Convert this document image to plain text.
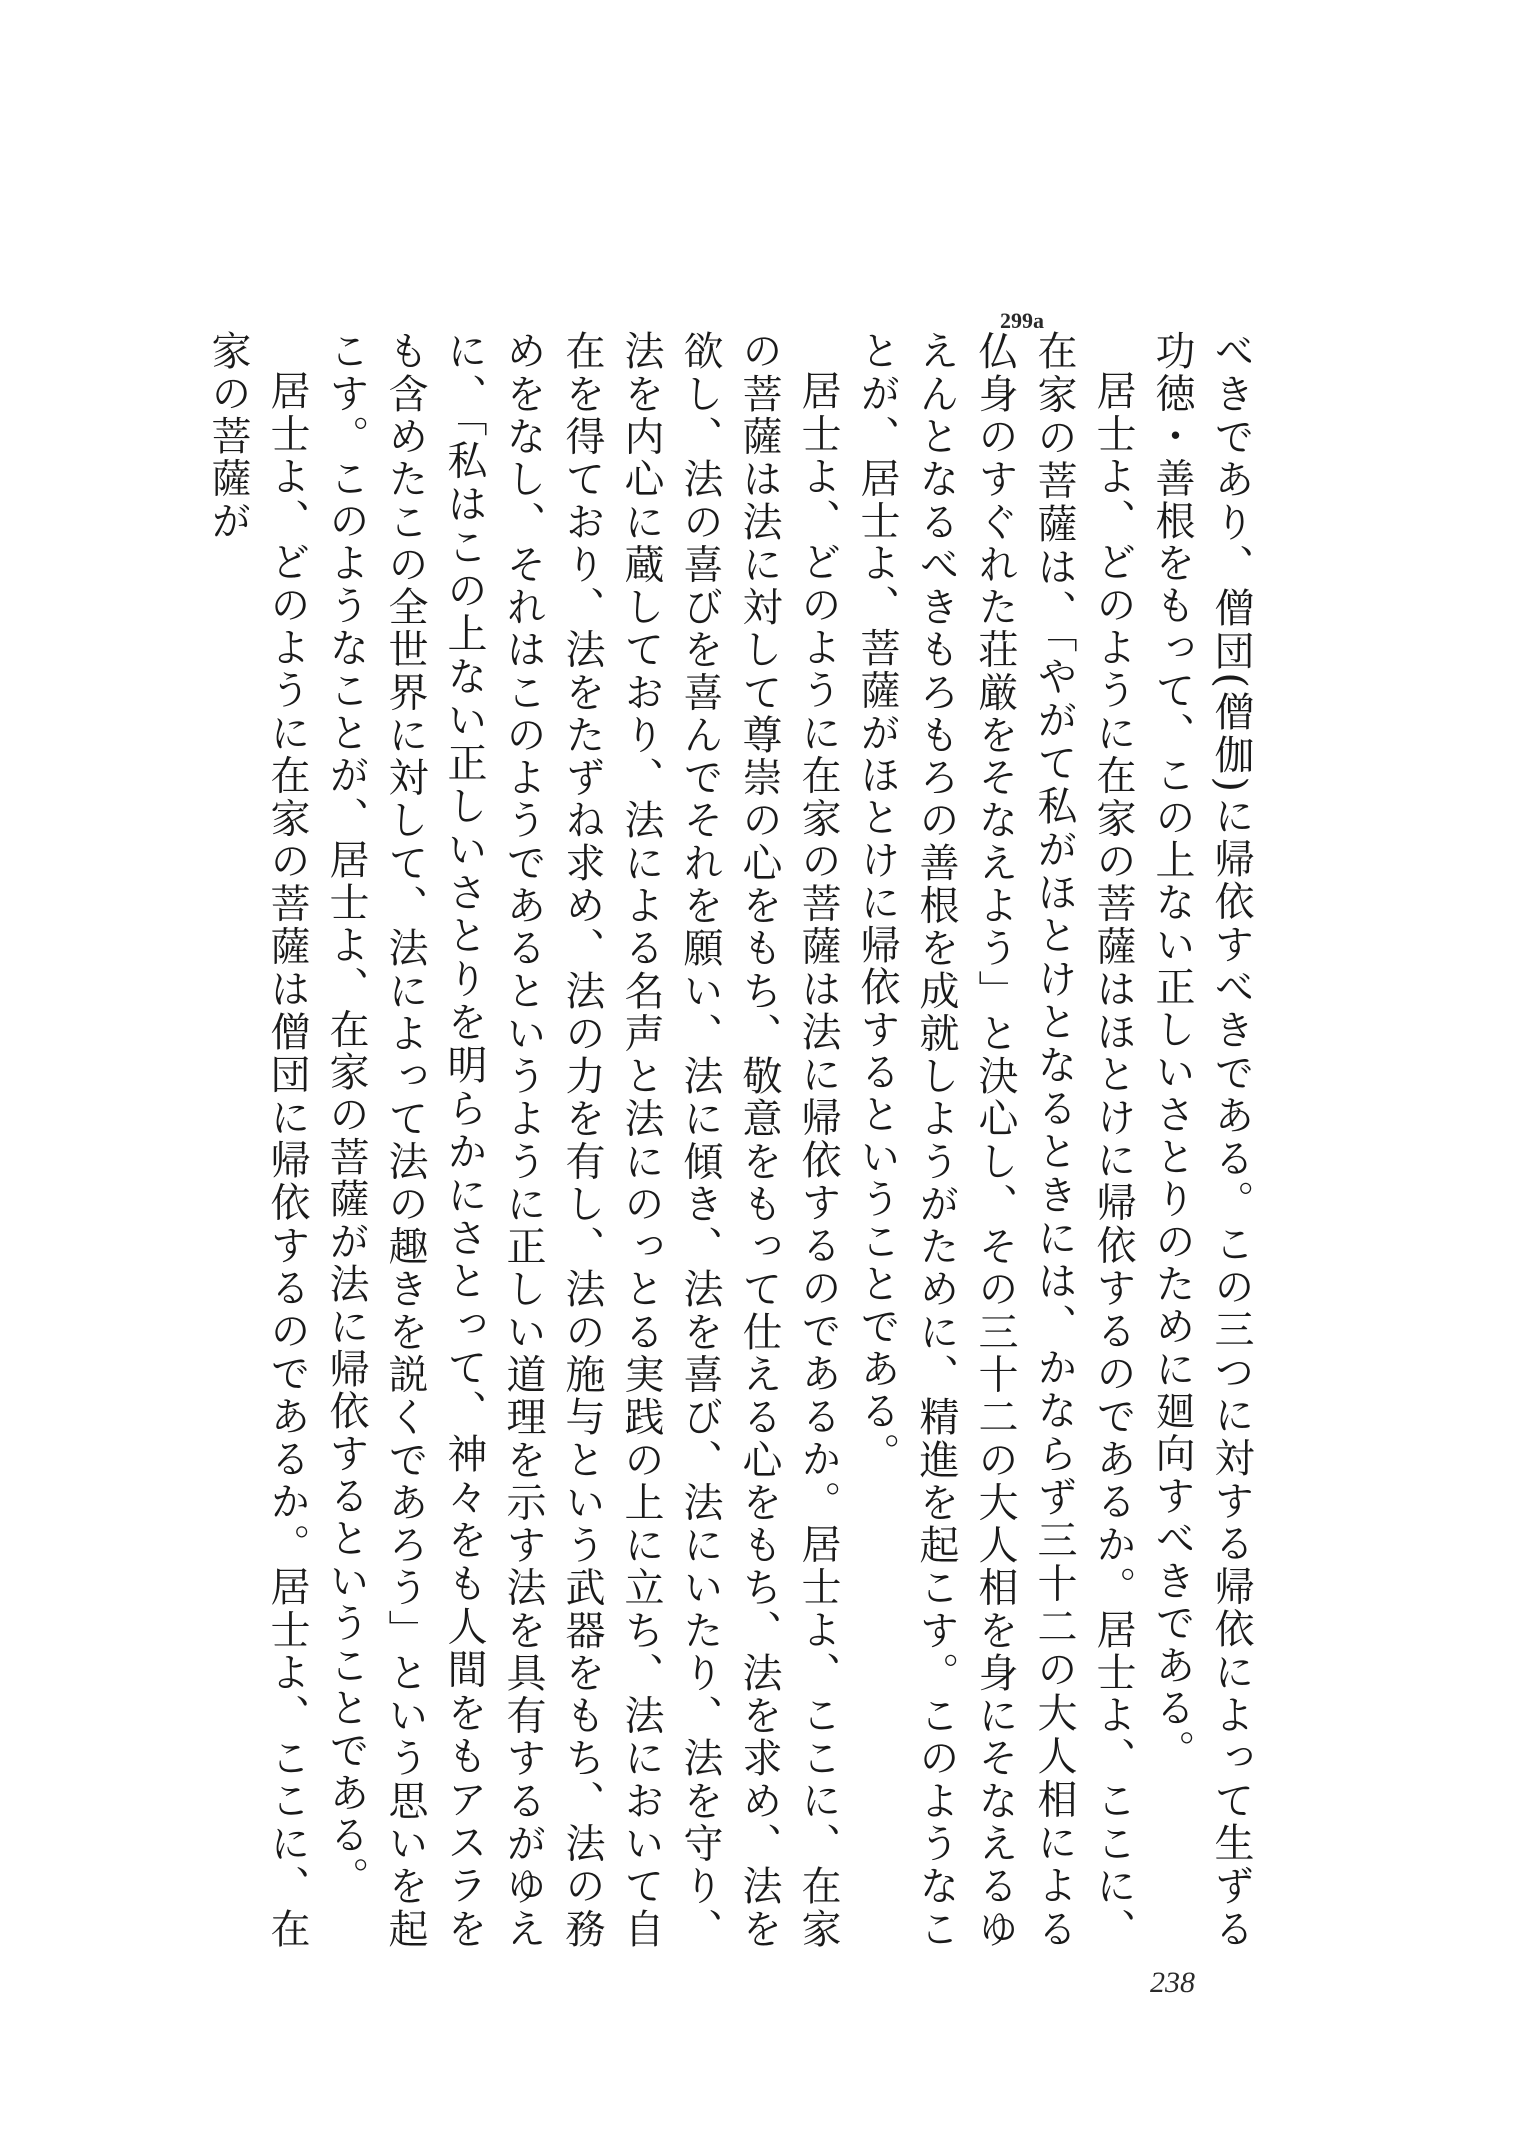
299a

べきであり、僧団(僧伽)に帰依すべきである。この三つに対する帰依によって生ずる功徳・善根をもって、この上ない正しいさとりのために廻向すべきである。

居士よ、どのように在家の菩薩はほとけに帰依するのであるか。居士よ、ここに、在家の菩薩は、「やがて私がほとけとなるときには、かならず三十二の大人相による仏身のすぐれた荘厳をそなえよう」と決心し、その三十二の大人相を身にそなえるゆえんとなるべきもろもろの善根を成就しようがために、精進を起こす。このようなことが、居士よ、菩薩がほとけに帰依するということである。

居士よ、どのように在家の菩薩は法に帰依するのであるか。居士よ、ここに、在家の菩薩は法に対して尊崇の心をもち、敬意をもって仕える心をもち、法を求め、法を欲し、法の喜びを喜んでそれを願い、法に傾き、法を喜び、法にいたり、法を守り、法を内心に蔵しており、法による名声と法にのっとる実践の上に立ち、法において自在を得ており、法をたずね求め、法の力を有し、法の施与という武器をもち、法の務めをなし、それはこのようであるというように正しい道理を示す法を具有するがゆえに、「私はこの上ない正しいさとりを明らかにさとって、神々をも人間をもアスラをも含めたこの全世界に対して、法によって法の趣きを説くであろう」という思いを起こす。このようなことが、居士よ、在家の菩薩が法に帰依するということである。

居士よ、どのように在家の菩薩は僧団に帰依するのであるか。居士よ、ここに、在家の菩薩が

238
